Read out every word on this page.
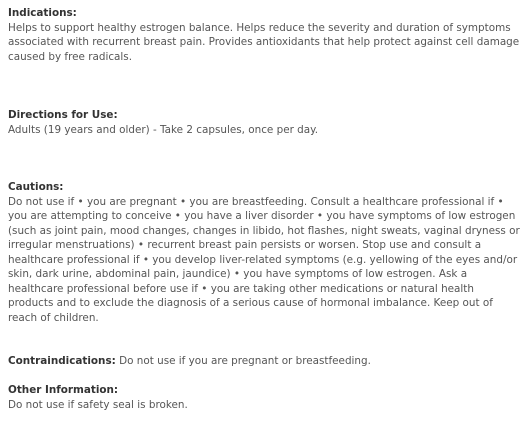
Indications:
Helps to support healthy estrogen balance. Helps reduce the severity and duration of symptoms associated with recurrent breast pain. Provides antioxidants that help protect against cell damage caused by free radicals.
Directions for Use:
Adults (19 years and older) - Take 2 capsules, once per day.
Cautions:
Do not use if • you are pregnant • you are breastfeeding. Consult a healthcare professional if • you are attempting to conceive • you have a liver disorder • you have symptoms of low estrogen (such as joint pain, mood changes, changes in libido, hot flashes, night sweats, vaginal dryness or irregular menstruations) • recurrent breast pain persists or worsen. Stop use and consult a healthcare professional if • you develop liver-related symptoms (e.g. yellowing of the eyes and/or skin, dark urine, abdominal pain, jaundice) • you have symptoms of low estrogen. Ask a healthcare professional before use if • you are taking other medications or natural health products and to exclude the diagnosis of a serious cause of hormonal imbalance. Keep out of reach of children.
Contraindications: Do not use if you are pregnant or breastfeeding.
Other Information:
Do not use if safety seal is broken.
